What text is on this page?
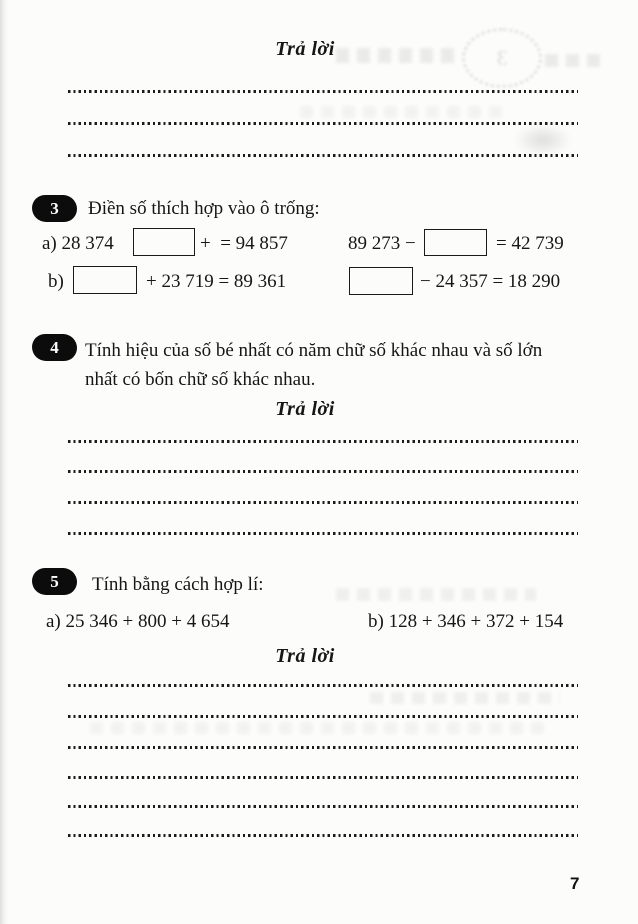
3
Trả lời
3 Điền số thích hợp vào ô trống:
a) 28 374	+  = 94 857	89 273 −	= 42 739
b)	+ 23 719 = 89 361	− 24 357 = 18 290
4 Tính hiệu của số bé nhất có năm chữ số khác nhau và số lớn
nhất có bốn chữ số khác nhau.
Trả lời
5 Tính bằng cách hợp lí:
a) 25 346 + 800 + 4 654	b) 128 + 346 + 372 + 154
Trả lời
7
